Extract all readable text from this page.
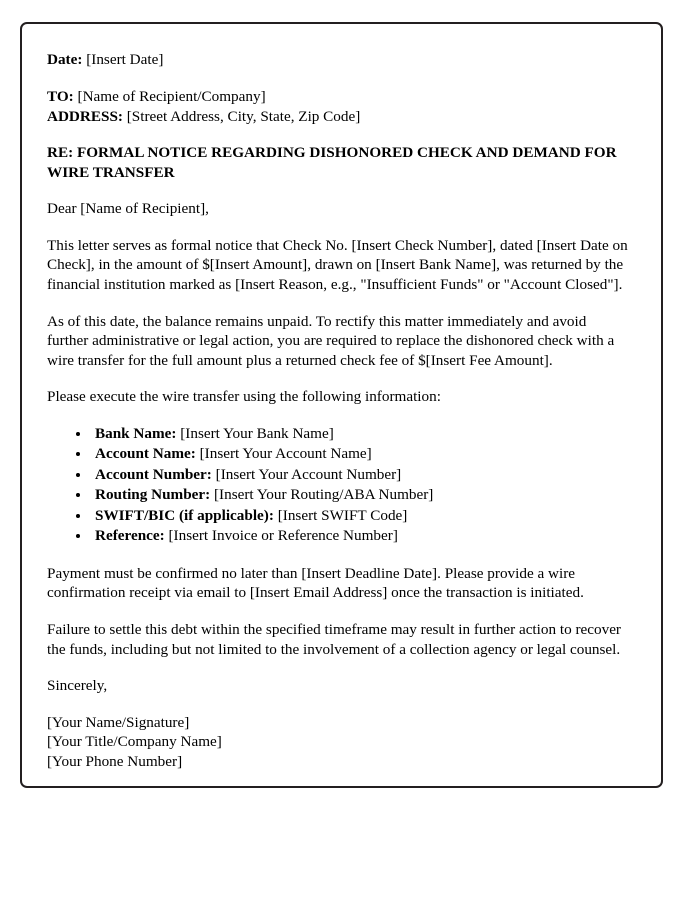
Date: [Insert Date]
TO: [Name of Recipient/Company]
ADDRESS: [Street Address, City, State, Zip Code]
RE: FORMAL NOTICE REGARDING DISHONORED CHECK AND DEMAND FOR WIRE TRANSFER

Dear [Name of Recipient],

This letter serves as formal notice that Check No. [Insert Check Number], dated [Insert Date on Check], in the amount of $[Insert Amount], drawn on [Insert Bank Name], was returned by the financial institution marked as [Insert Reason, e.g., "Insufficient Funds" or "Account Closed"].

As of this date, the balance remains unpaid. To rectify this matter immediately and avoid further administrative or legal action, you are required to replace the dishonored check with a wire transfer for the full amount plus a returned check fee of $[Insert Fee Amount].

Please execute the wire transfer using the following information:

• Bank Name: [Insert Your Bank Name]
• Account Name: [Insert Your Account Name]
• Account Number: [Insert Your Account Number]
• Routing Number: [Insert Your Routing/ABA Number]
• SWIFT/BIC (if applicable): [Insert SWIFT Code]
• Reference: [Insert Invoice or Reference Number]

Payment must be confirmed no later than [Insert Deadline Date]. Please provide a wire confirmation receipt via email to [Insert Email Address] once the transaction is initiated.

Failure to settle this debt within the specified timeframe may result in further action to recover the funds, including but not limited to the involvement of a collection agency or legal counsel.

Sincerely,

[Your Name/Signature]
[Your Title/Company Name]
[Your Phone Number]
